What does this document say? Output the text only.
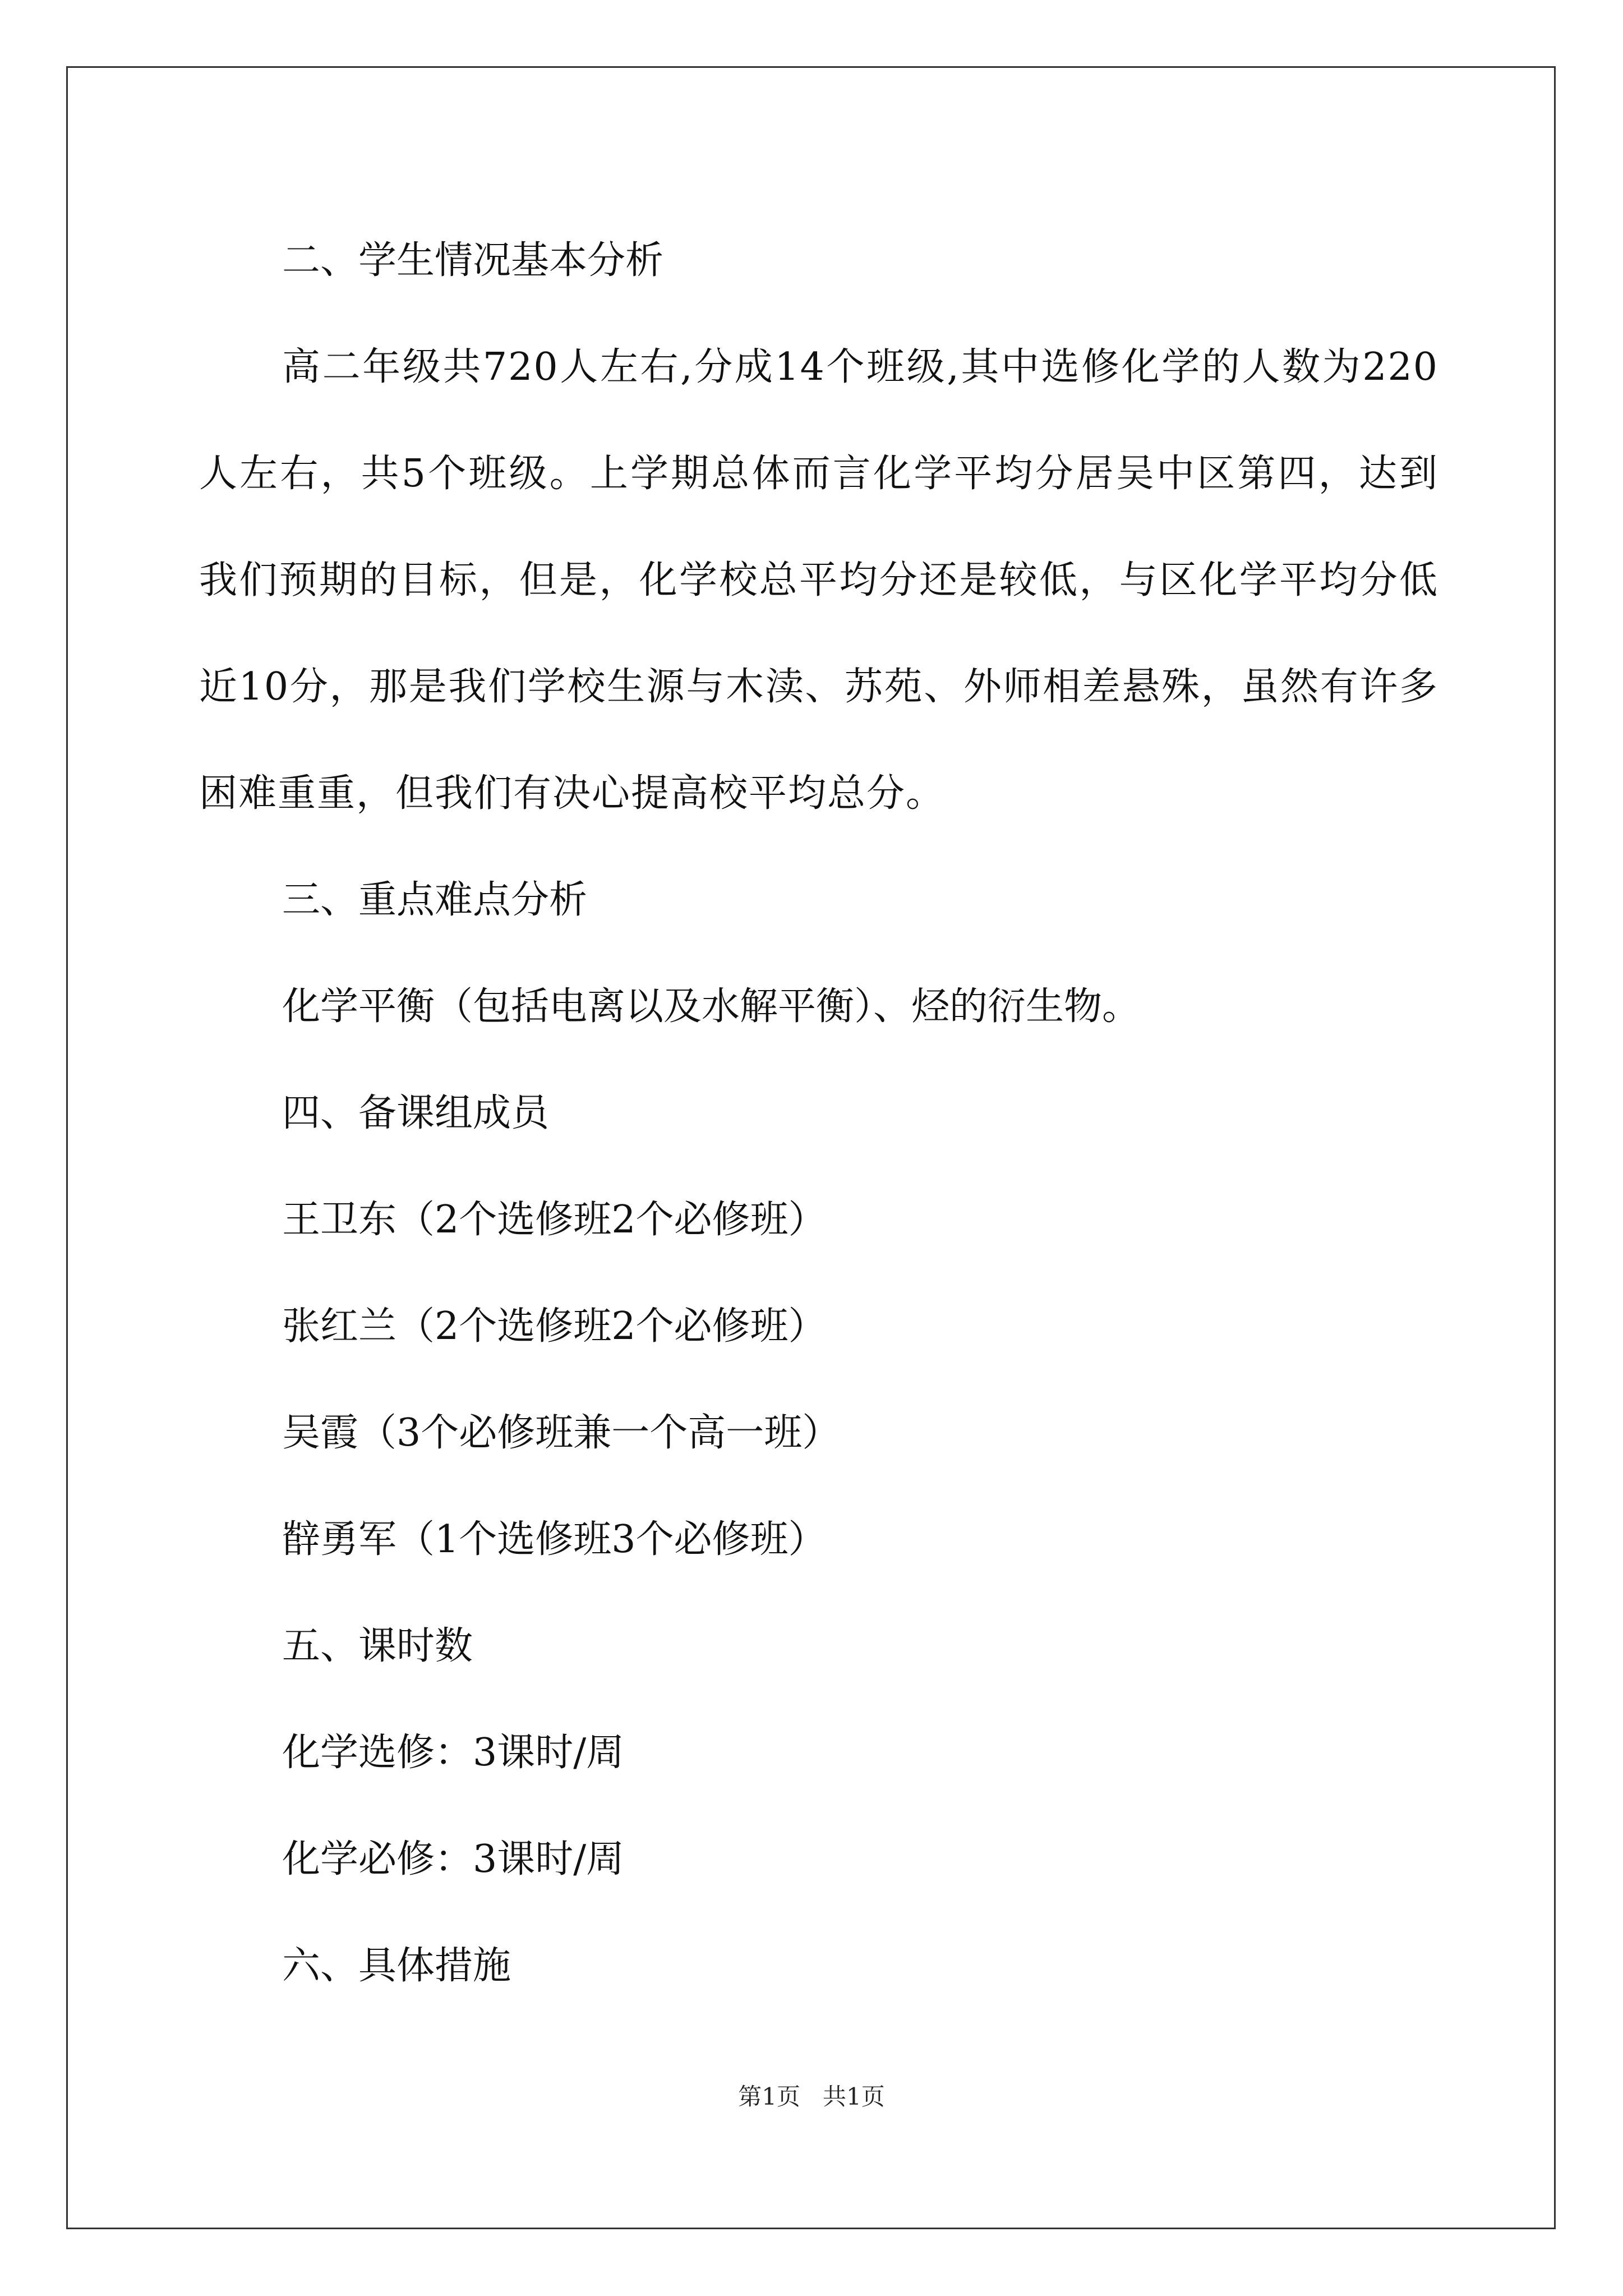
二、学生情况基本分析
高二年级共720人左右,分成14个班级,其中选修化学的人数为220人左右，共5个班级。上学期总体而言化学平均分居吴中区第四，达到我们预期的目标，但是，化学校总平均分还是较低，与区化学平均分低近10分，那是我们学校生源与木渎、苏苑、外师相差悬殊，虽然有许多困难重重，但我们有决心提高校平均总分。
三、重点难点分析
化学平衡（包括电离以及水解平衡）、烃的衍生物。
四、备课组成员
王卫东（2个选修班2个必修班）
张红兰（2个选修班2个必修班）
吴霞（3个必修班兼一个高一班）
辥勇军（1个选修班3个必修班）
五、课时数
化学选修：3课时/周
化学必修：3课时/周
六、具体措施
第1页 共1页
